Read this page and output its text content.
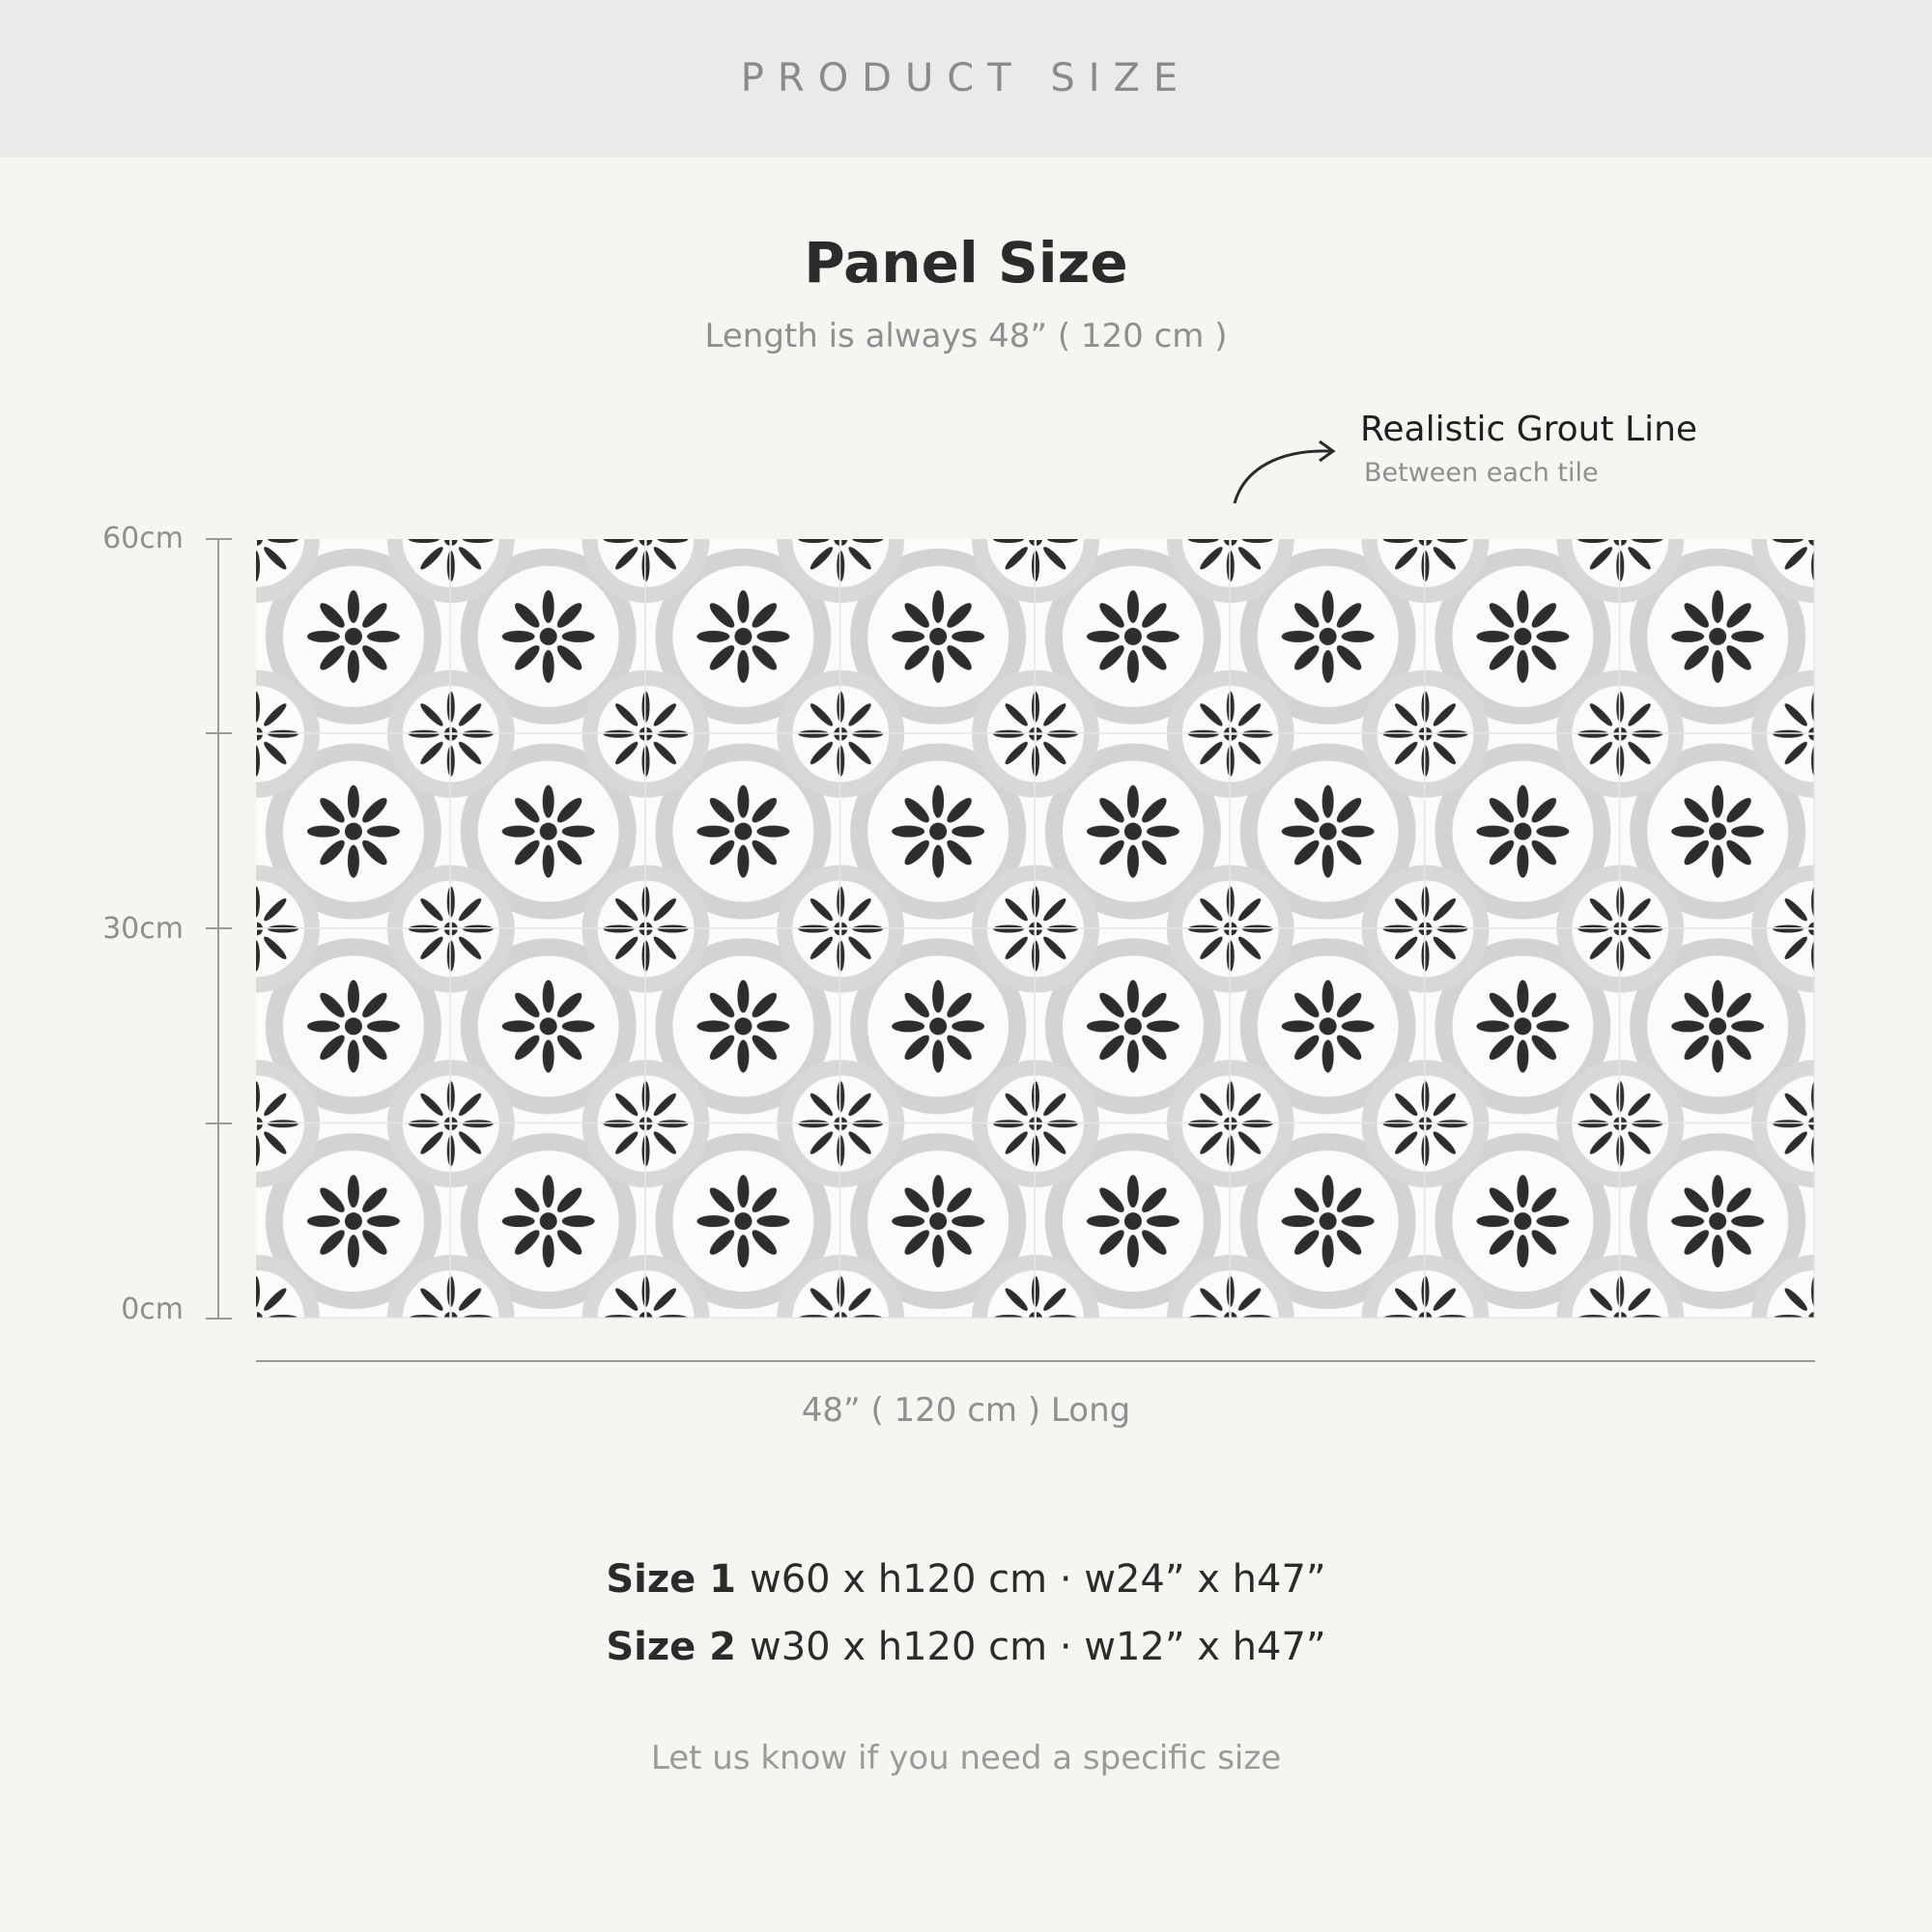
PRODUCT SIZE
Panel Size
Length is always 48” ( 120 cm )
Realistic Grout Line
Between each tile
60cm
30cm
0cm
48” ( 120 cm ) Long
Size 1 w60 x h120 cm · w24” x h47”
Size 2 w30 x h120 cm · w12” x h47”
Let us know if you need a specific size
